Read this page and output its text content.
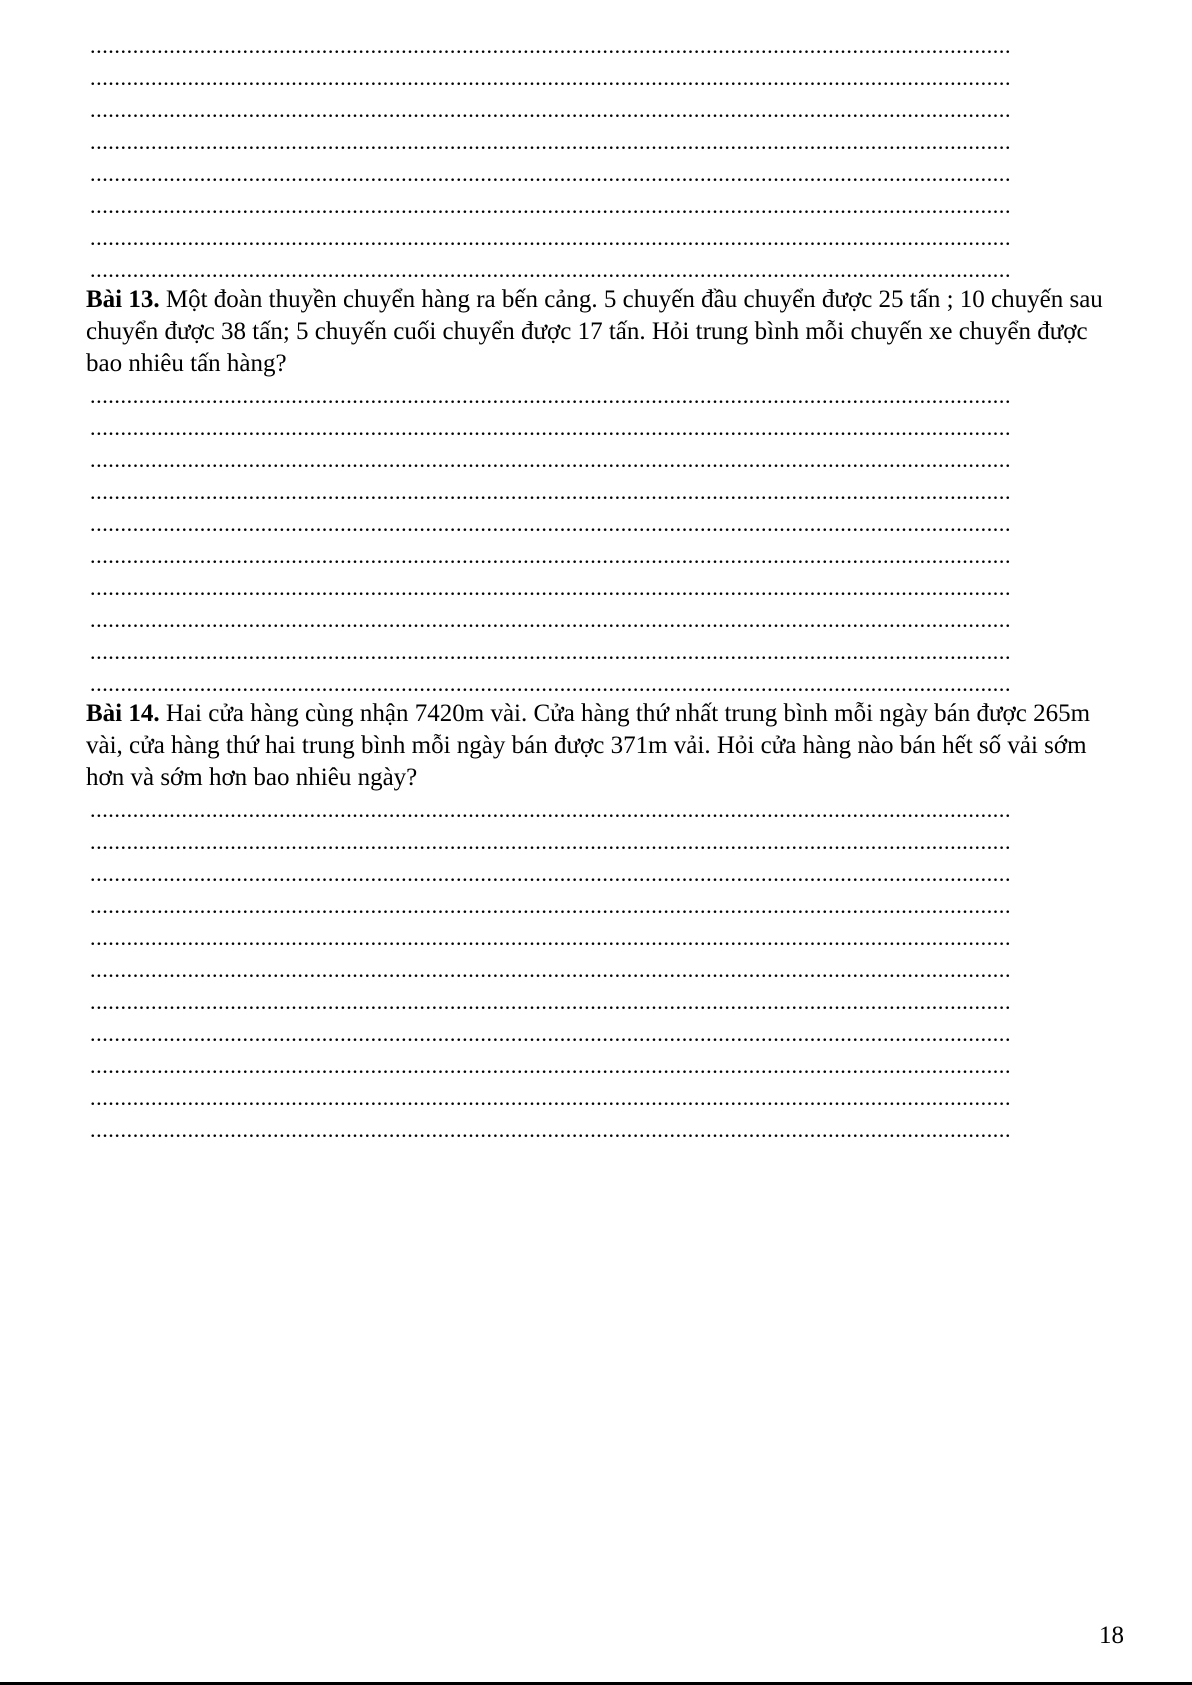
.......................................................................................................................................................
.......................................................................................................................................................
.......................................................................................................................................................
.......................................................................................................................................................
.......................................................................................................................................................
.......................................................................................................................................................
.......................................................................................................................................................
.......................................................................................................................................................

Bài 13. Một đoàn thuyền chuyển hàng ra bến cảng. 5 chuyến đầu chuyển được 25 tấn ; 10 chuyến sau chuyển được 38 tấn; 5 chuyến cuối chuyển được 17 tấn. Hỏi trung bình mỗi chuyến xe chuyển được bao nhiêu tấn hàng?

.......................................................................................................................................................
.......................................................................................................................................................
.......................................................................................................................................................
.......................................................................................................................................................
.......................................................................................................................................................
.......................................................................................................................................................
.......................................................................................................................................................
.......................................................................................................................................................
.......................................................................................................................................................
.......................................................................................................................................................

Bài 14. Hai cửa hàng cùng nhận 7420m vài. Cửa hàng thứ nhất trung bình mỗi ngày bán được 265m vài, cửa hàng thứ hai trung bình mỗi ngày bán được 371m vải. Hỏi cửa hàng nào bán hết số vải sớm hơn và sớm hơn bao nhiêu ngày?

.......................................................................................................................................................
.......................................................................................................................................................
.......................................................................................................................................................
.......................................................................................................................................................
.......................................................................................................................................................
.......................................................................................................................................................
.......................................................................................................................................................
.......................................................................................................................................................
.......................................................................................................................................................
.......................................................................................................................................................
.......................................................................................................................................................
18
